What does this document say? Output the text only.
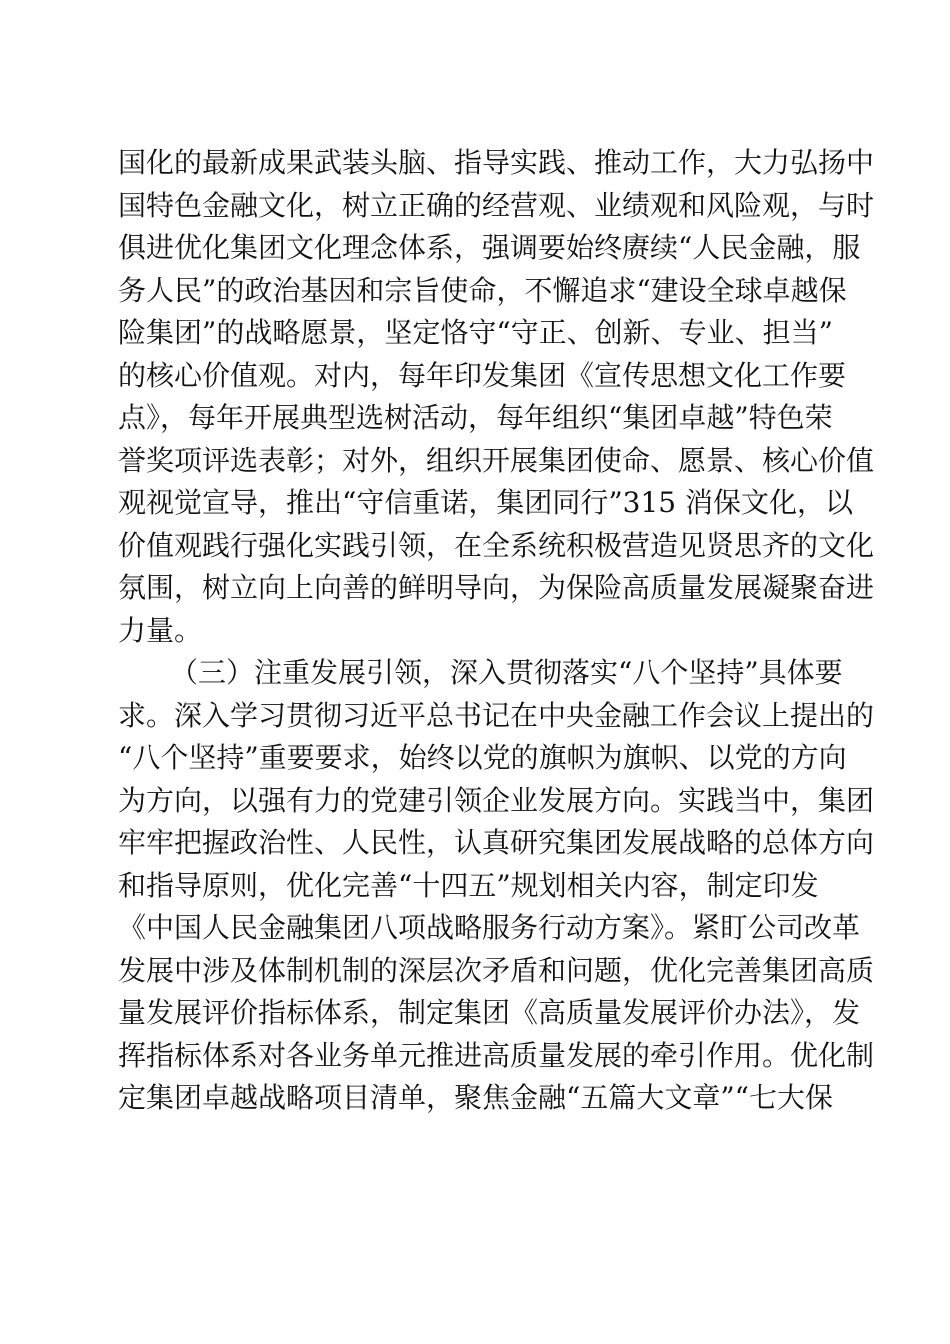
国化的最新成果武装头脑、指导实践、推动工作，大力弘扬中
国特色金融文化，树立正确的经营观、业绩观和风险观，与时
俱进优化集团文化理念体系，强调要始终赓续“人民金融，服
务人民”的政治基因和宗旨使命，不懈追求“建设全球卓越保
险集团”的战略愿景，坚定恪守“守正、创新、专业、担当”
的核心价值观。对内，每年印发集团《宣传思想文化工作要
点》，每年开展典型选树活动，每年组织“集团卓越”特色荣
誉奖项评选表彰；对外，组织开展集团使命、愿景、核心价值
观视觉宣导，推出“守信重诺，集团同行”315 消保文化，以
价值观践行强化实践引领，在全系统积极营造见贤思齐的文化
氛围，树立向上向善的鲜明导向，为保险高质量发展凝聚奋进
力量。
（三）注重发展引领，深入贯彻落实“八个坚持”具体要
求。深入学习贯彻习近平总书记在中央金融工作会议上提出的
“八个坚持”重要要求，始终以党的旗帜为旗帜、以党的方向
为方向，以强有力的党建引领企业发展方向。实践当中，集团
牢牢把握政治性、人民性，认真研究集团发展战略的总体方向
和指导原则，优化完善“十四五”规划相关内容，制定印发
《中国人民金融集团八项战略服务行动方案》。紧盯公司改革
发展中涉及体制机制的深层次矛盾和问题，优化完善集团高质
量发展评价指标体系，制定集团《高质量发展评价办法》，发
挥指标体系对各业务单元推进高质量发展的牵引作用。优化制
定集团卓越战略项目清单，聚焦金融“五篇大文章”“七大保
